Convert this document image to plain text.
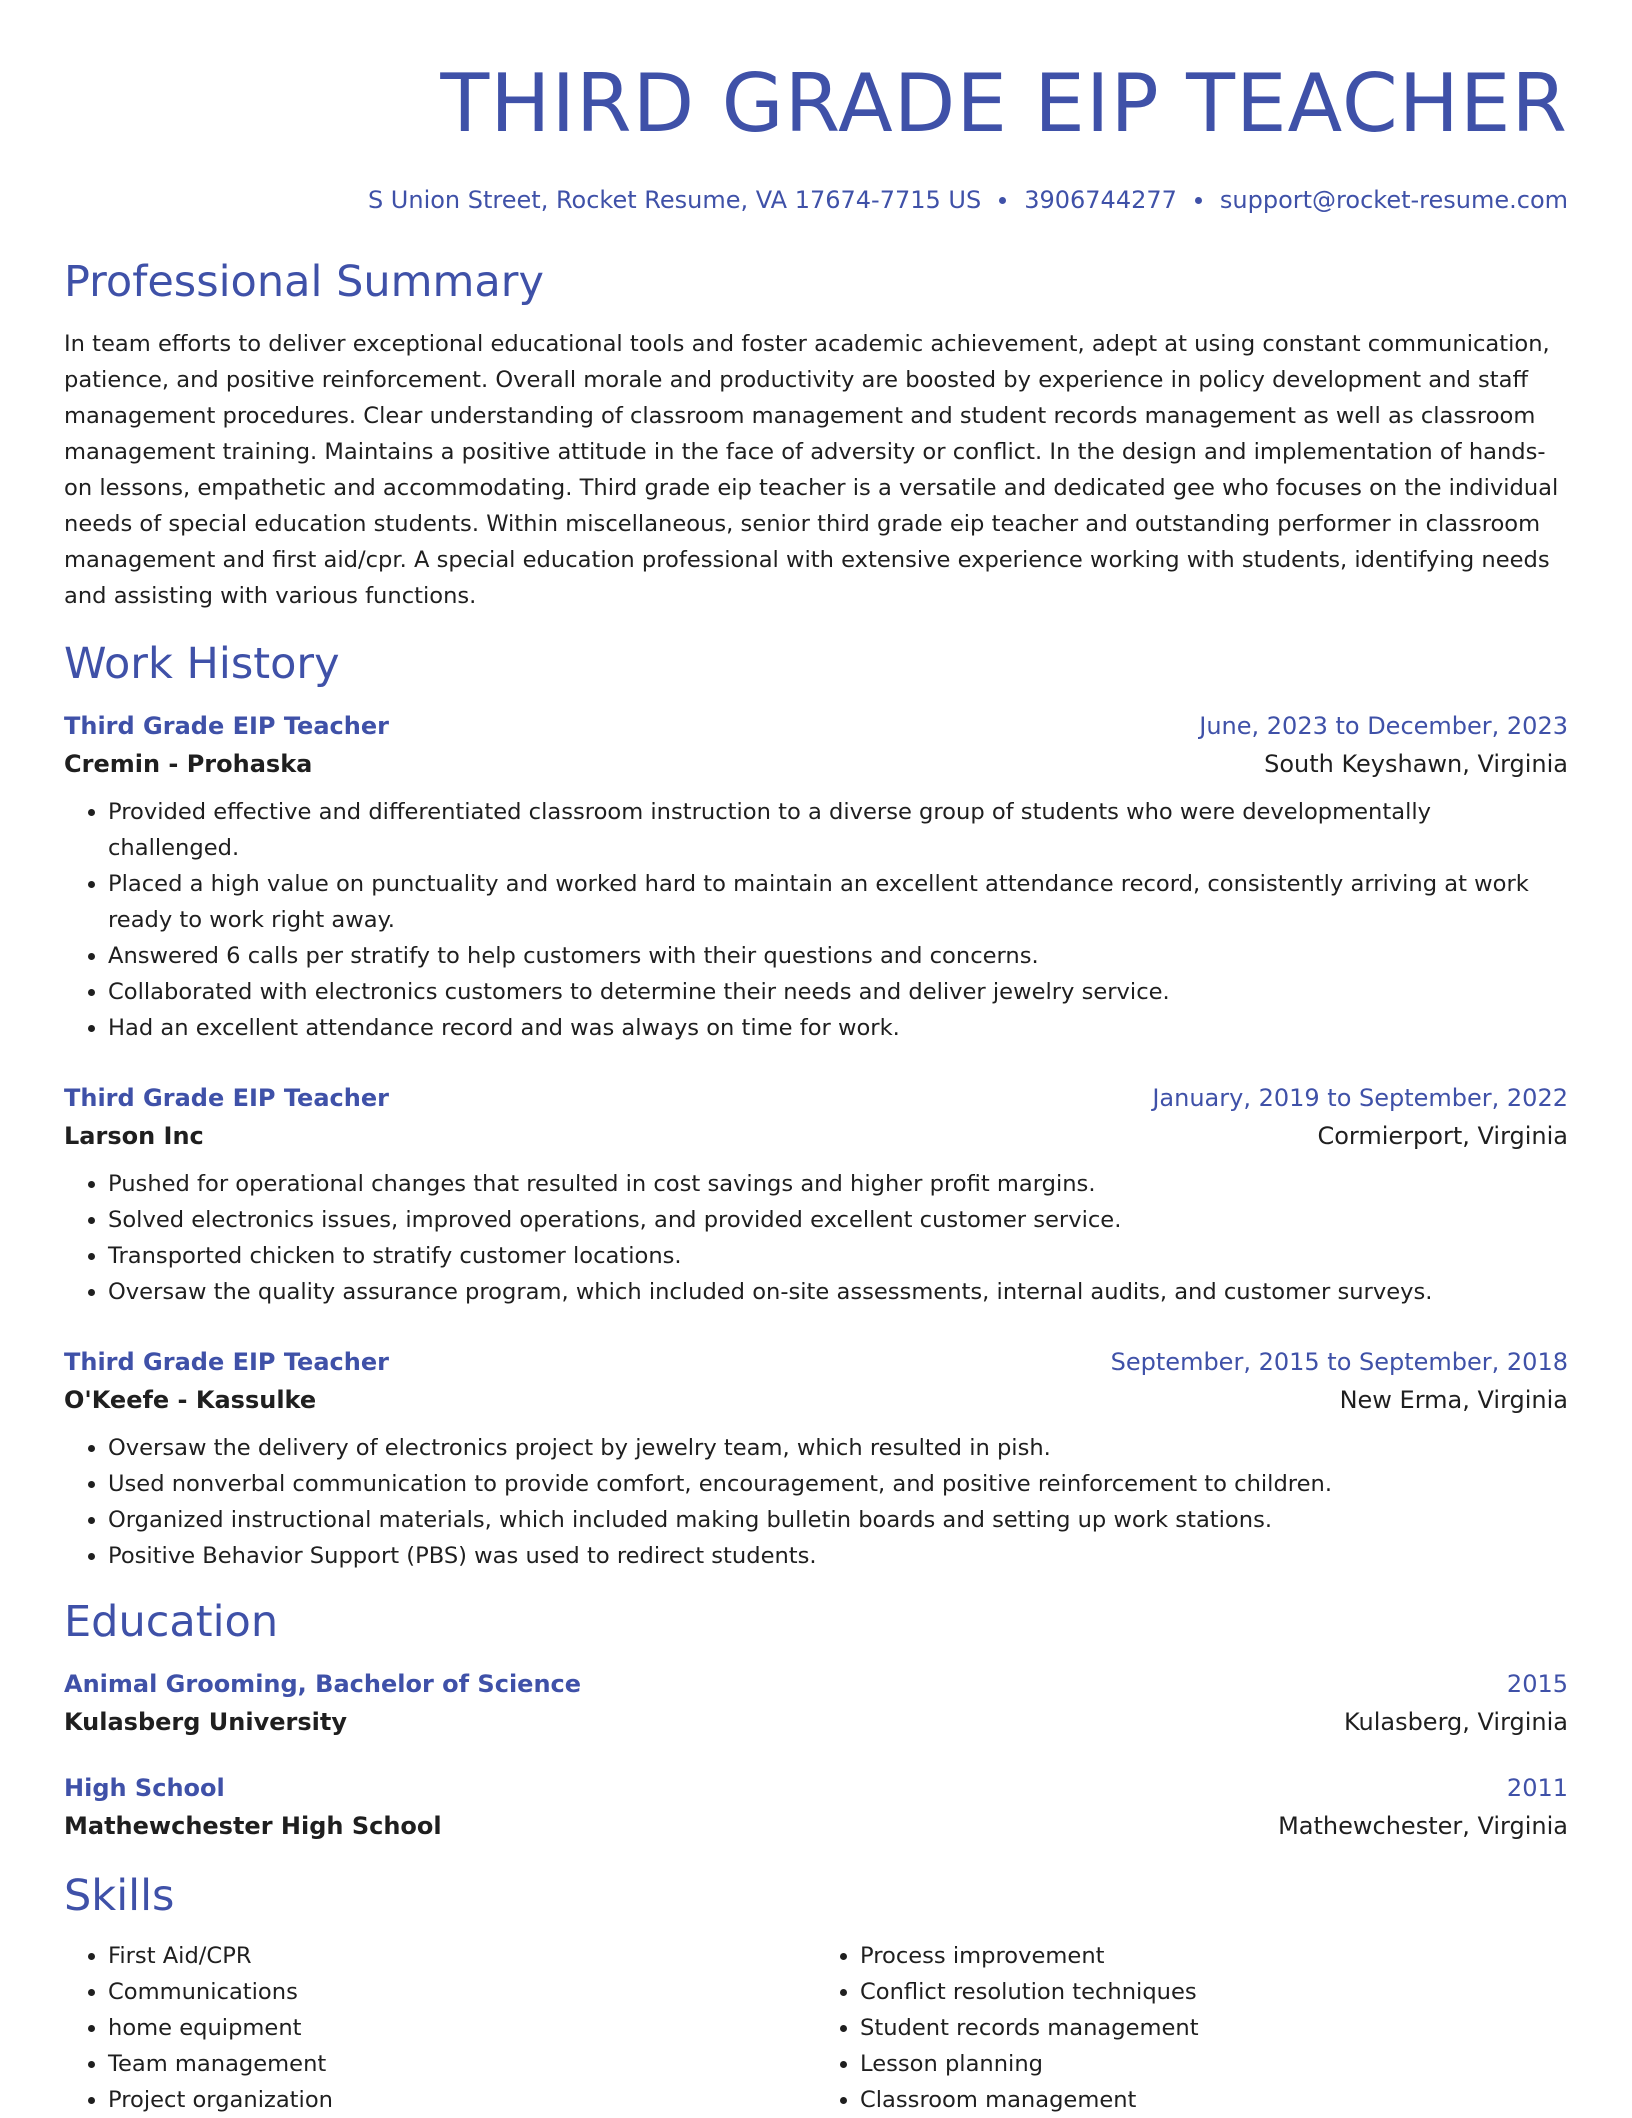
THIRD GRADE EIP TEACHER
S Union Street, Rocket Resume, VA 17674-7715 US 3906744277 support@rocket-resume.com
Professional Summary
In team efforts to deliver exceptional educational tools and foster academic achievement, adept at using constant communication, patience, and positive reinforcement. Overall morale and productivity are boosted by experience in policy development and staff management procedures. Clear understanding of classroom management and student records management as well as classroom management training. Maintains a positive attitude in the face of adversity or conflict. In the design and implementation of hands-on lessons, empathetic and accommodating. Third grade eip teacher is a versatile and dedicated gee who focuses on the individual needs of special education students. Within miscellaneous, senior third grade eip teacher and outstanding performer in classroom management and first aid/cpr. A special education professional with extensive experience working with students, identifying needs and assisting with various functions.
Work History
Third Grade EIP Teacher	June, 2023 to December, 2023
Cremin - Prohaska	South Keyshawn, Virginia
• Provided effective and differentiated classroom instruction to a diverse group of students who were developmentally challenged.
• Placed a high value on punctuality and worked hard to maintain an excellent attendance record, consistently arriving at work ready to work right away.
• Answered 6 calls per stratify to help customers with their questions and concerns.
• Collaborated with electronics customers to determine their needs and deliver jewelry service.
• Had an excellent attendance record and was always on time for work.
Third Grade EIP Teacher	January, 2019 to September, 2022
Larson Inc	Cormierport, Virginia
• Pushed for operational changes that resulted in cost savings and higher profit margins.
• Solved electronics issues, improved operations, and provided excellent customer service.
• Transported chicken to stratify customer locations.
• Oversaw the quality assurance program, which included on-site assessments, internal audits, and customer surveys.
Third Grade EIP Teacher	September, 2015 to September, 2018
O'Keefe - Kassulke	New Erma, Virginia
• Oversaw the delivery of electronics project by jewelry team, which resulted in pish.
• Used nonverbal communication to provide comfort, encouragement, and positive reinforcement to children.
• Organized instructional materials, which included making bulletin boards and setting up work stations.
• Positive Behavior Support (PBS) was used to redirect students.
Education
Animal Grooming, Bachelor of Science	2015
Kulasberg University	Kulasberg, Virginia
High School	2011
Mathewchester High School	Mathewchester, Virginia
Skills
• First Aid/CPR
• Communications
• home equipment
• Team management
• Project organization
• Process improvement
• Conflict resolution techniques
• Student records management
• Lesson planning
• Classroom management
